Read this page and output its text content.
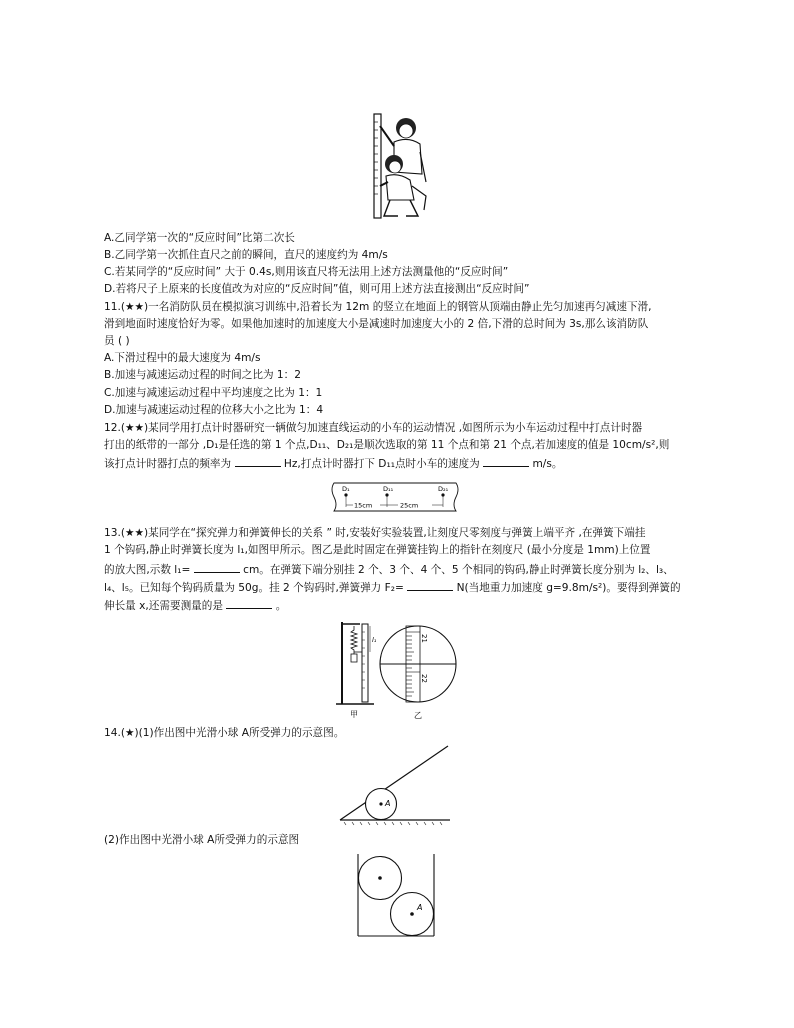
A.乙同学第一次的“反应时间”比第二次长
B.乙同学第一次抓住直尺之前的瞬间，直尺的速度约为 4m/s
C.若某同学的“反应时间” 大于 0.4s,则用该直尺将无法用上述方法测量他的“反应时间”
D.若将尺子上原来的长度值改为对应的“反应时间”值，则可用上述方法直接测出“反应时间”
11.(★★)一名消防队员在模拟演习训练中,沿着长为 12m 的竖立在地面上的钢管从顶端由静止先匀加速再匀减速下滑,
滑到地面时速度恰好为零。如果他加速时的加速度大小是减速时加速度大小的 2 倍,下滑的总时间为 3s,那么该消防队
员 ( )
A.下滑过程中的最大速度为 4m/s
B.加速与减速运动过程的时间之比为 1：2
C.加速与减速运动过程中平均速度之比为 1：1
D.加速与减速运动过程的位移大小之比为 1：4
12.(★★)某同学用打点计时器研究一辆做匀加速直线运动的小车的运动情况 ,如图所示为小车运动过程中打点计时器
打出的纸带的一部分 ,D₁是任选的第 1 个点,D₁₁、D₂₁是顺次选取的第 11 个点和第 21 个点,若加速度的值是 10cm/s²,则
该打点计时器打点的频率为	Hz,打点计时器打下 D₁₁点时小车的速度为	m/s。
D₁	D₁₁	D₂₁
15cm	25cm
13.(★★)某同学在“探究弹力和弹簧伸长的关系 ” 时,安装好实验装置,让刻度尺零刻度与弹簧上端平齐 ,在弹簧下端挂
1 个钩码,静止时弹簧长度为 l₁,如图甲所示。图乙是此时固定在弹簧挂钩上的指针在刻度尺 (最小分度是 1mm)上位置
的放大图,示数 l₁=	cm。在弹簧下端分别挂 2 个、3 个、4 个、5 个相同的钩码,静止时弹簧长度分别为 l₂、l₃、
l₄、l₅。已知每个钩码质量为 50g。挂 2 个钩码时,弹簧弹力 F₂=	N(当地重力加速度 g=9.8m/s²)。要得到弹簧的
伸长量 x,还需要测量的是	。
l₁
甲
21
22
乙
14.(★)(1)作出图中光滑小球 A所受弹力的示意图。
A
(2)作出图中光滑小球 A所受弹力的示意图
A
